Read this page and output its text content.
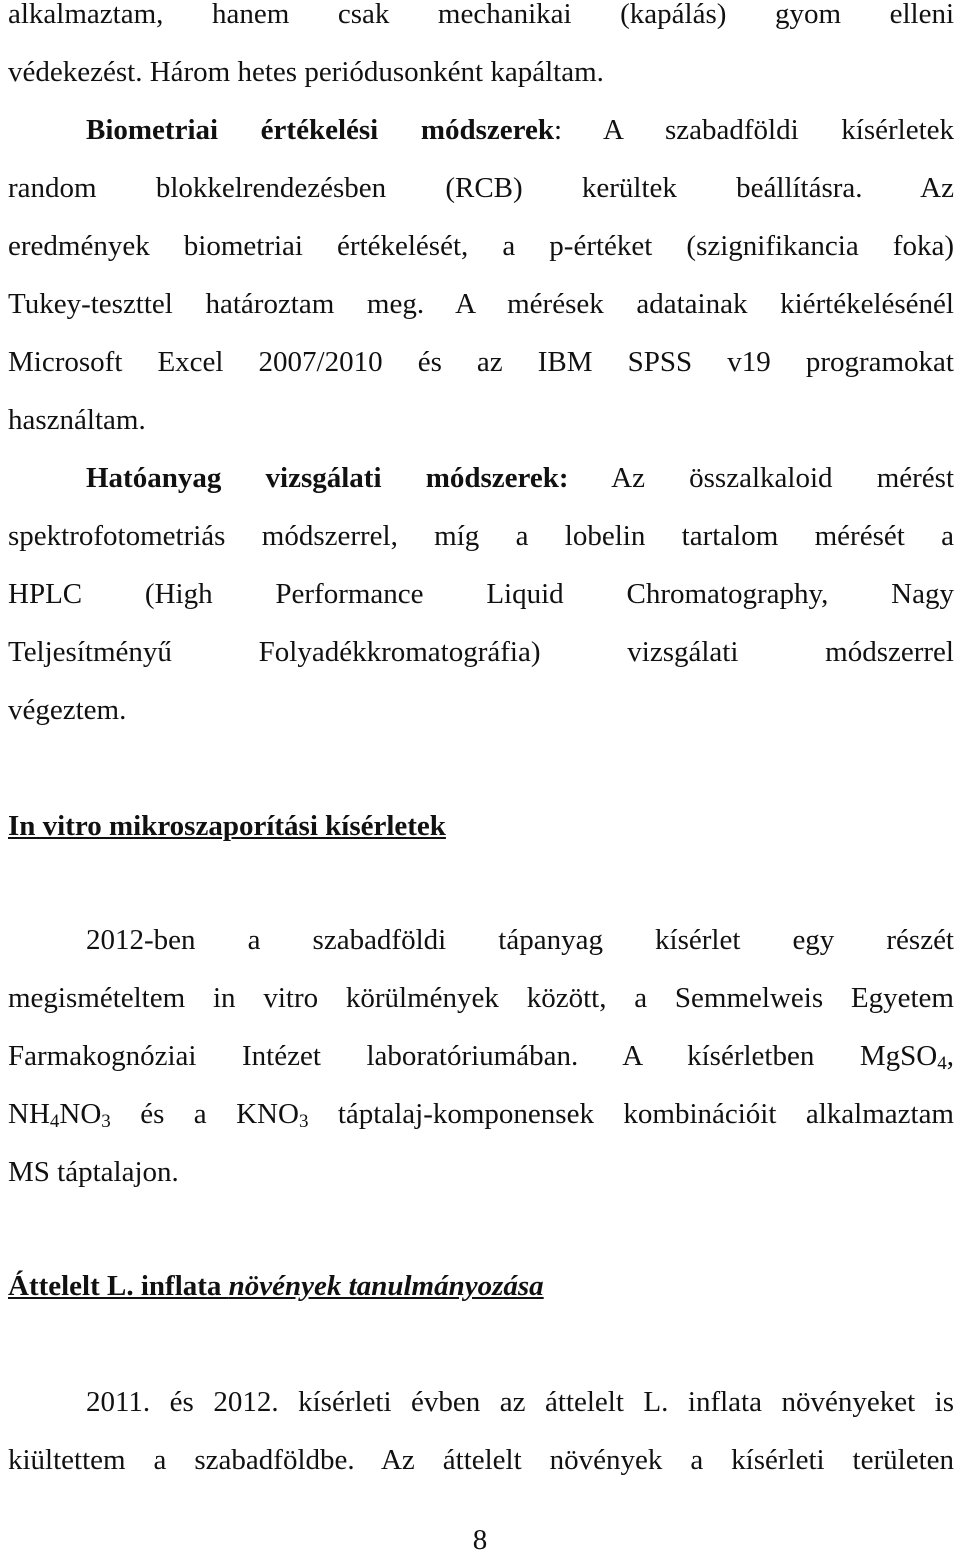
alkalmaztam, hanem csak mechanikai (kapálás) gyom elleni
védekezést. Három hetes periódusonként kapáltam.
Biometriai értékelési módszerek: A szabadföldi kísérletek
random blokkelrendezésben (RCB) kerültek beállításra. Az
eredmények biometriai értékelését, a p-értéket (szignifikancia foka)
Tukey-teszttel határoztam meg. A mérések adatainak kiértékelésénél
Microsoft Excel 2007/2010 és az IBM SPSS v19 programokat
használtam.
Hatóanyag vizsgálati módszerek: Az összalkaloid mérést
spektrofotometriás módszerrel, míg a lobelin tartalom mérését a
HPLC (High Performance Liquid Chromatography, Nagy
Teljesítményű Folyadékkromatográfia) vizsgálati módszerrel
végeztem.
In vitro mikroszaporítási kísérletek
2012-ben a szabadföldi tápanyag kísérlet egy részét
megismételtem in vitro körülmények között, a Semmelweis Egyetem
Farmakognóziai Intézet laboratóriumában. A kísérletben MgSO$_4$,
$NH_4NO_3$ és a $KNO_3$ táptalaj-komponensek kombinációit alkalmaztam
MS táptalajon.
Áttelelt L. inflata növények tanulmányozása
2011. és 2012. kísérleti évben az áttelelt L. inflata növényeket is
kiültettem a szabadföldbe. Az áttelelt növények a kísérleti területen
8
